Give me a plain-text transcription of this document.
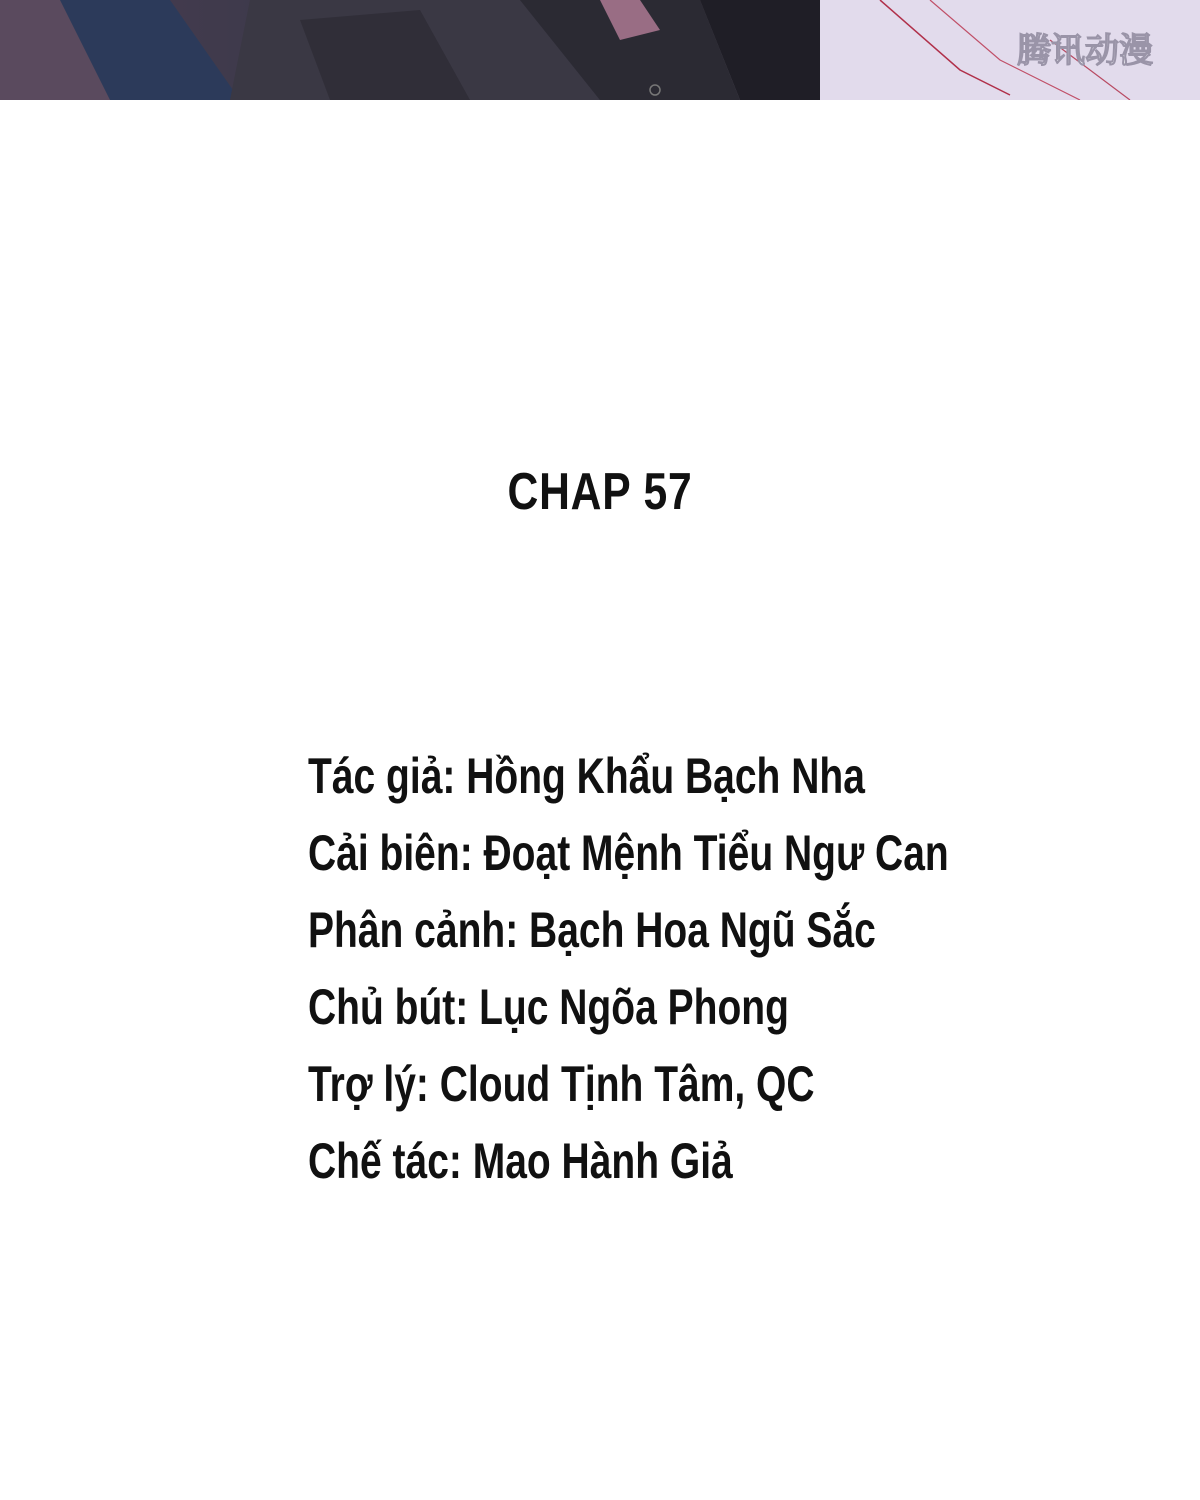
腾讯动漫
CHAP 57
Tác giả: Hồng Khẩu Bạch Nha
Cải biên: Đoạt Mệnh Tiểu Ngư Can
Phân cảnh: Bạch Hoa Ngũ Sắc
Chủ bút: Lục Ngõa Phong
Trợ lý: Cloud Tịnh Tâm, QC
Chế tác: Mao Hành Giả
